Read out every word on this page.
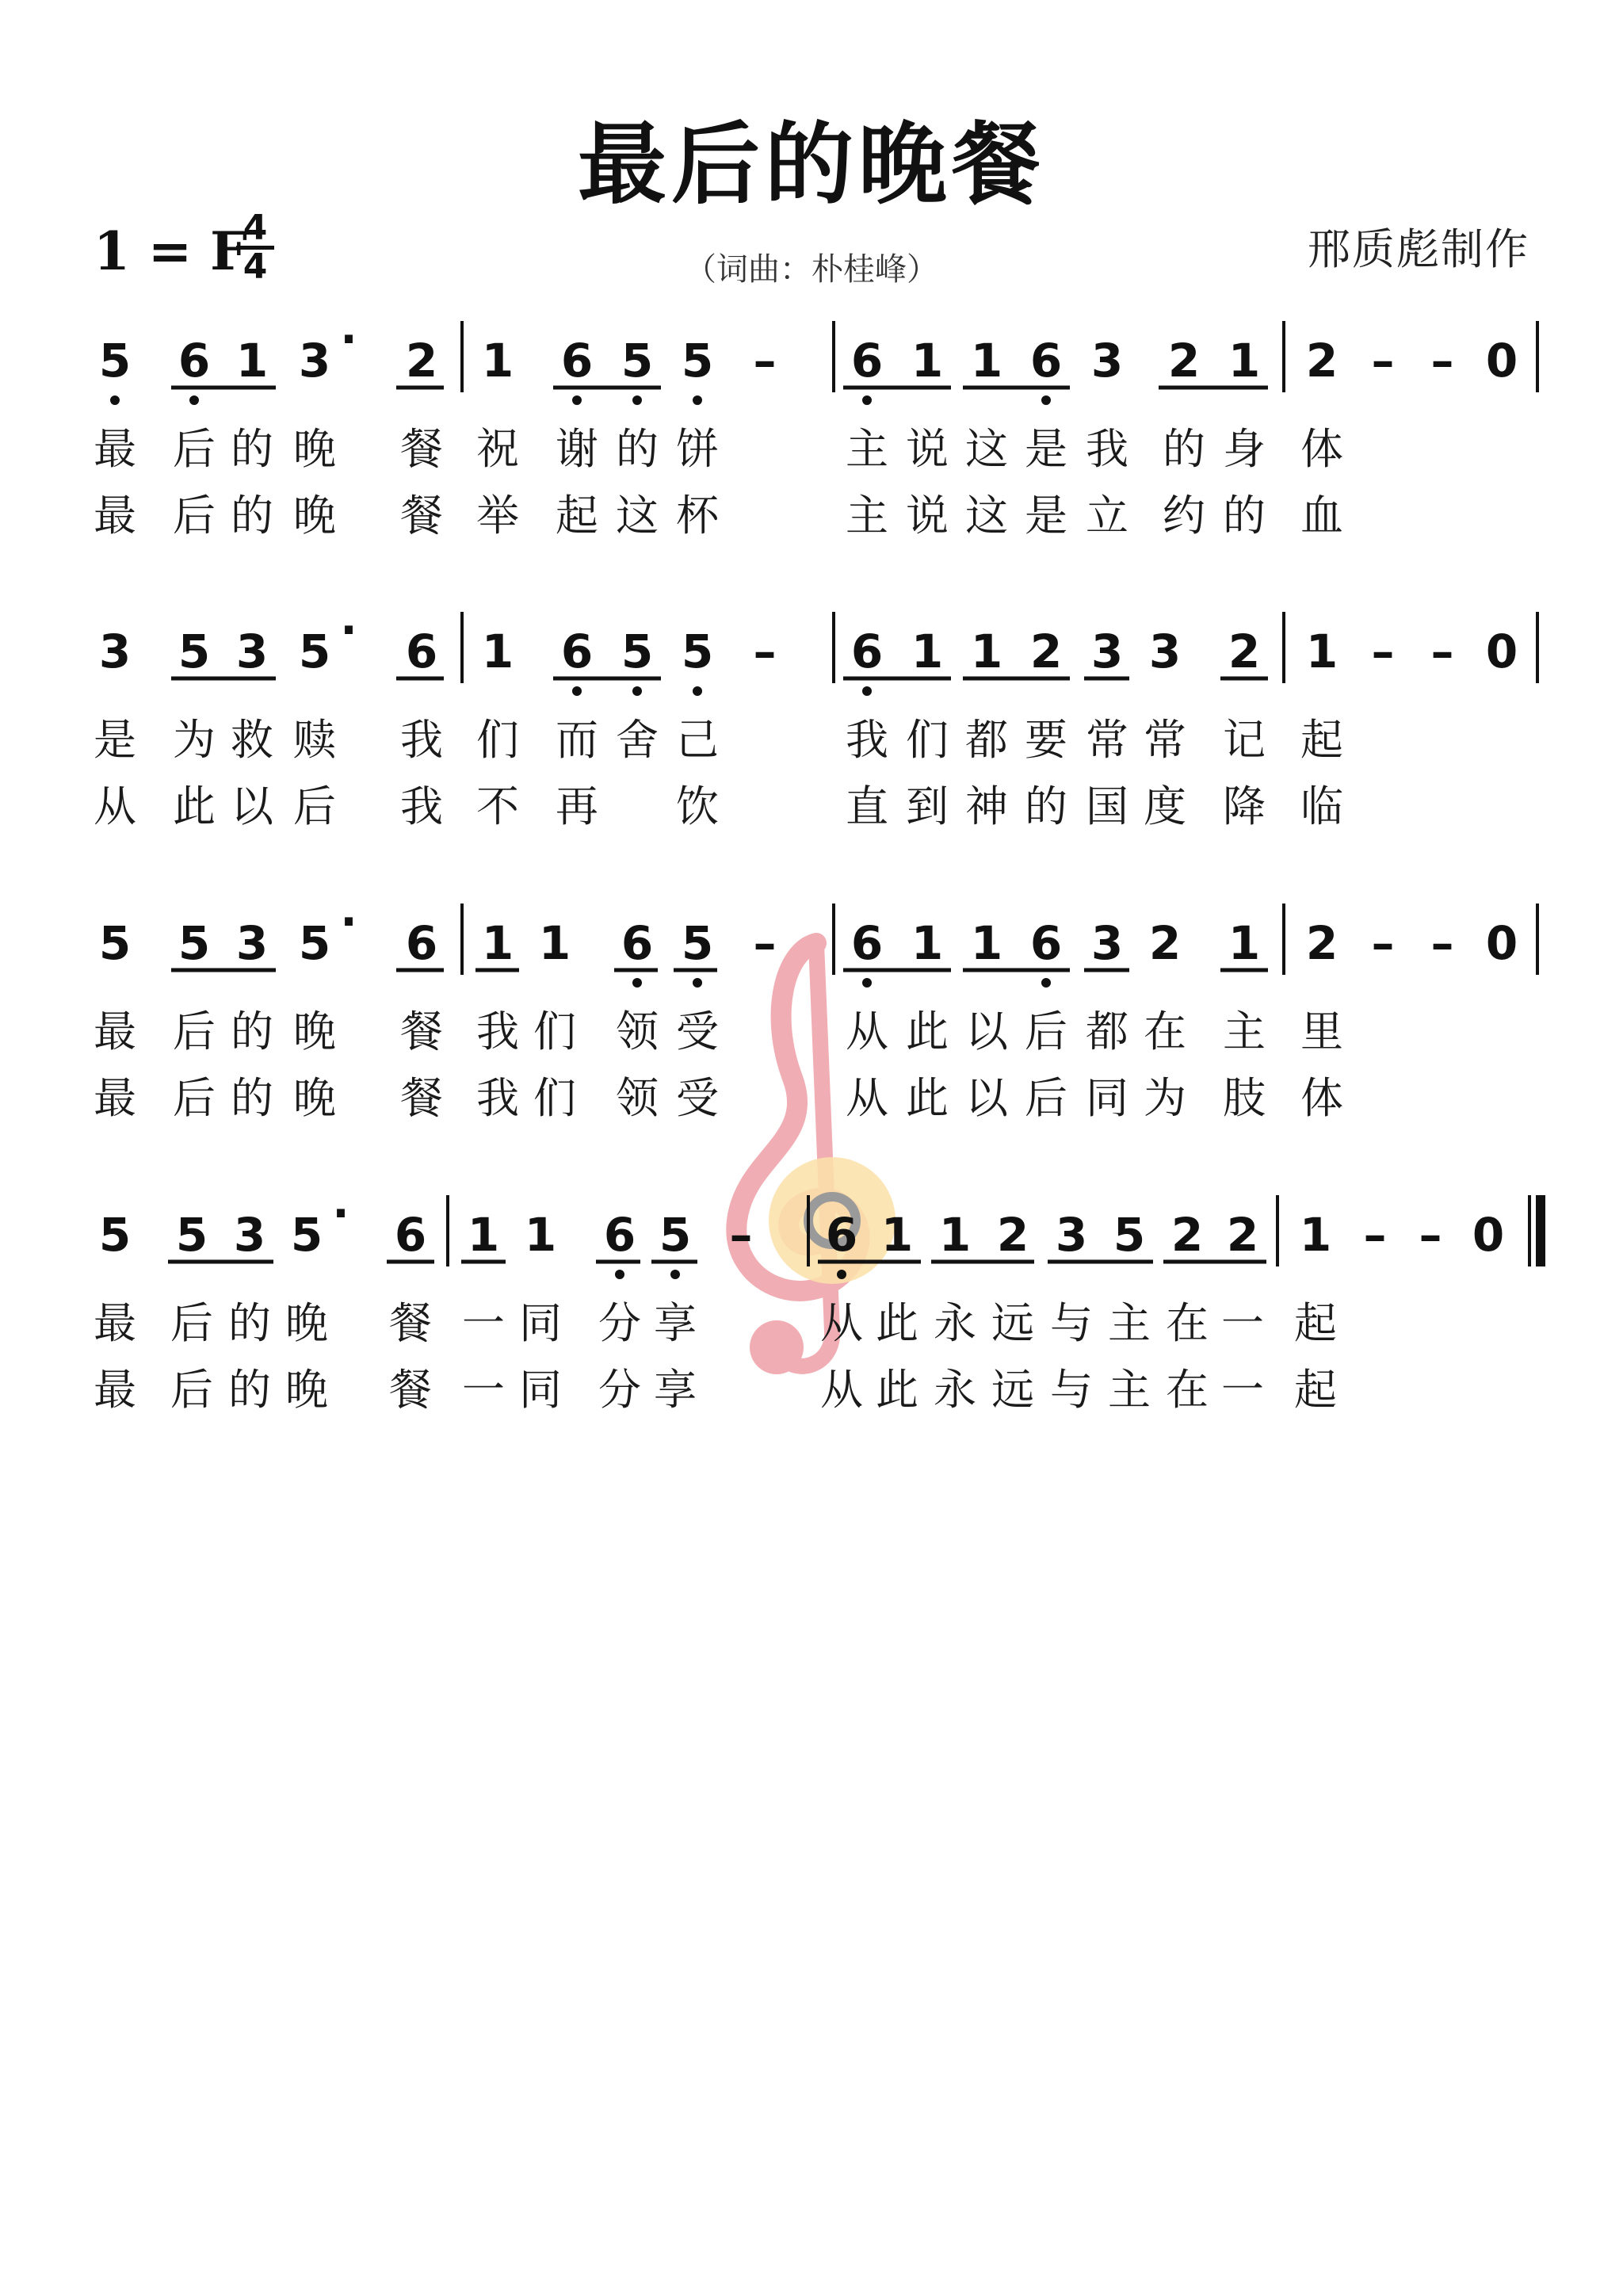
最后的晚餐
1 = F
4
4	（词曲：朴桂峰）	邢质彪制作
5 6 1 3 · 2 1 6 5 5 – 6 1 1 6 3 2 1 2 – – 0
最 后 的 晚 餐 祝 谢 的 饼	主 说 这 是 我 的 身 体
最 后 的 晚 餐 举 起 这 杯	主 说 这 是 立 约 的 血
3 5 3 5 · 6 1 6 5 5 – 6 1 1 2 3 3 2 1 – – 0
是 为 救 赎 我 们 而 舍 己	我 们 都 要 常 常 记 起
从 此 以 后 我 不 再 饮	直 到 神 的 国 度 降 临
5 5 3 5 · 6 1 1 6 5 – 6 1 1 6 3 2 1 2 – – 0
最 后 的 晚 餐 我 们 领 受	从 此 以 后 都 在 主 里
最 后 的 晚 餐 我 们 领 受	从 此 以 后 同 为 肢 体
5 5 3 5 · 6 1 1 6 5 – 6 1 1 2 3 5 2 2 1 – – 0
最 后 的 晚 餐 一 同 分 享	从 此 永 远 与 主 在 一 起
最 后 的 晚 餐 一 同 分 享	从 此 永 远 与 主 在 一 起
